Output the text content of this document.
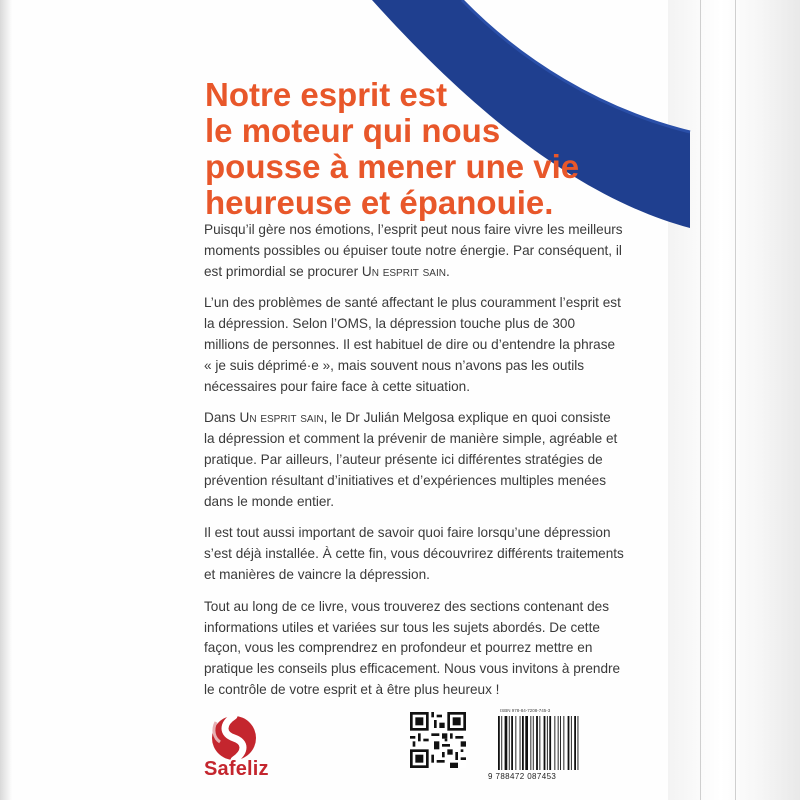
Notre esprit est
le moteur qui nous
pousse à mener une vie
heureuse et épanouie.

Puisqu’il gère nos émotions, l’esprit peut nous faire vivre les meilleurs moments possibles ou épuiser toute notre énergie. Par conséquent, il est primordial se procurer Un esprit sain.

L’un des problèmes de santé affectant le plus couramment l’esprit est la dépression. Selon l’OMS, la dépression touche plus de 300 millions de personnes. Il est habituel de dire ou d’entendre la phrase « je suis déprimé·e », mais souvent nous n’avons pas les outils nécessaires pour faire face à cette situation.

Dans Un esprit sain, le Dr Julián Melgosa explique en quoi consiste la dépression et comment la prévenir de manière simple, agréable et pratique. Par ailleurs, l’auteur présente ici différentes stratégies de prévention résultant d’initiatives et d’expériences multiples menées dans le monde entier.

Il est tout aussi important de savoir quoi faire lorsqu’une dépression s’est déjà installée. À cette fin, vous découvrirez différents traitements et manières de vaincre la dépression.

Tout au long de ce livre, vous trouverez des sections contenant des informations utiles et variées sur tous les sujets abordés. De cette façon, vous les comprendrez en profondeur et pourrez mettre en pratique les conseils plus efficacement. Nous vous invitons à prendre le contrôle de votre esprit et à être plus heureux !

Safeliz
ISBN 978-84-7208-745-3
9 788472 087453
